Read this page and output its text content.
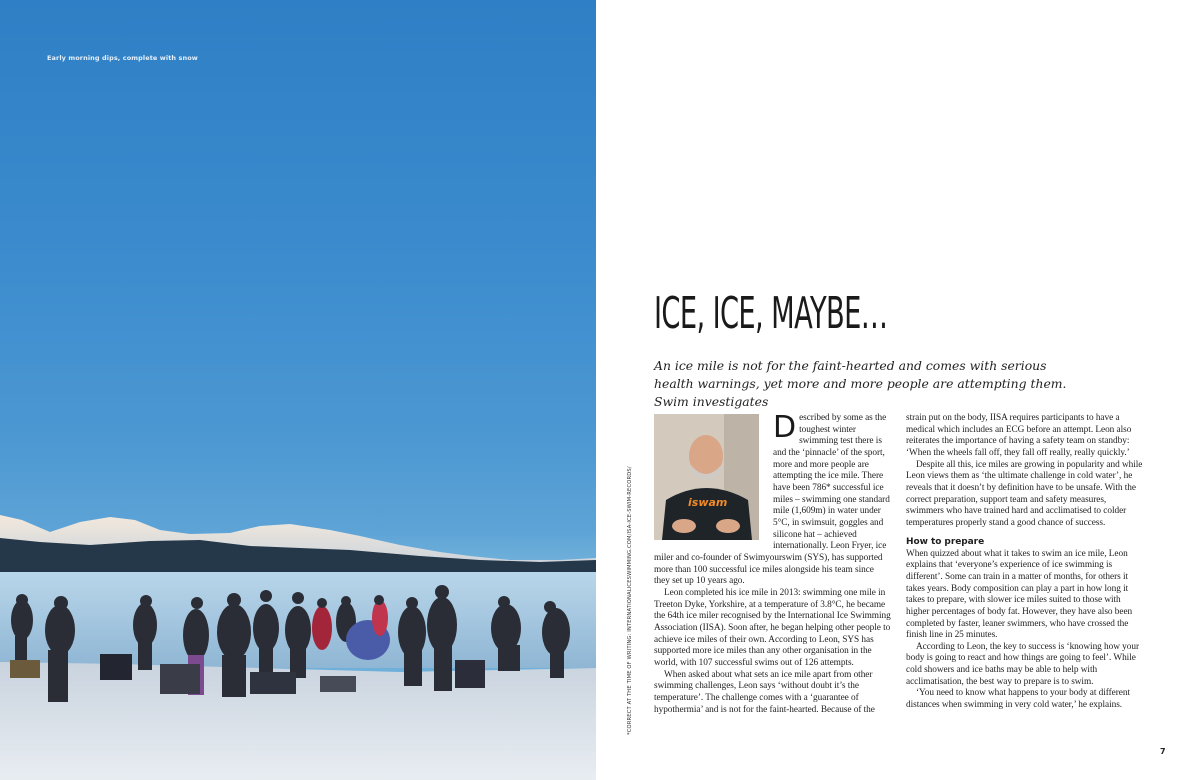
Early morning dips, complete with snow
ICE, ICE, MAYBE…

An ice mile is not for the faint-hearted and comes with serious health warnings, yet more and more people are attempting them. Swim investigates

iswam

Described by some as the toughest winter swimming test there is and the ‘pinnacle’ of the sport, more and more people are attempting the ice mile. There have been 786* successful ice miles – swimming one standard mile (1,609m) in water under 5°C, in swimsuit, goggles and silicone hat – achieved internationally. Leon Fryer, ice

miler and co-founder of Swimyourswim (SYS), has supported more than 100 successful ice miles alongside his team since they set up 10 years ago.

Leon completed his ice mile in 2013: swimming one mile in Treeton Dyke, Yorkshire, at a temperature of 3.8°C, he became the 64th ice miler recognised by the International Ice Swimming Association (IISA). Soon after, he began helping other people to achieve ice miles of their own. According to Leon, SYS has supported more ice miles than any other organisation in the world, with 107 successful swims out of 126 attempts.

When asked about what sets an ice mile apart from other swimming challenges, Leon says ‘without doubt it’s the temperature’. The challenge comes with a ‘guarantee of hypothermia’ and is not for the faint-hearted. Because of the

strain put on the body, IISA requires participants to have a medical which includes an ECG before an attempt. Leon also reiterates the importance of having a safety team on standby: ‘When the wheels fall off, they fall off really, really quickly.’

Despite all this, ice miles are growing in popularity and while Leon views them as ‘the ultimate challenge in cold water’, he reveals that it doesn’t by definition have to be unsafe. With the correct preparation, support team and safety measures, swimmers who have trained hard and acclimatised to colder temperatures properly stand a good chance of success.

How to prepare

When quizzed about what it takes to swim an ice mile, Leon explains that ‘everyone’s experience of ice swimming is different’. Some can train in a matter of months, for others it takes years. Body composition can play a part in how long it takes to prepare, with slower ice miles suited to those with higher percentages of body fat. However, they have also been completed by faster, leaner swimmers, who have crossed the finish line in 25 minutes.

According to Leon, the key to success is ‘knowing how your body is going to react and how things are going to feel’. While cold showers and ice baths may be able to help with acclimatisation, the best way to prepare is to swim.

‘You need to know what happens to your body at different distances when swimming in very cold water,’ he explains.

*CORRECT AT THE TIME OF WRITING: INTERNATIONALICESWIMMING.COM/ISA-ICE-SWIM-RECORDS/
7
